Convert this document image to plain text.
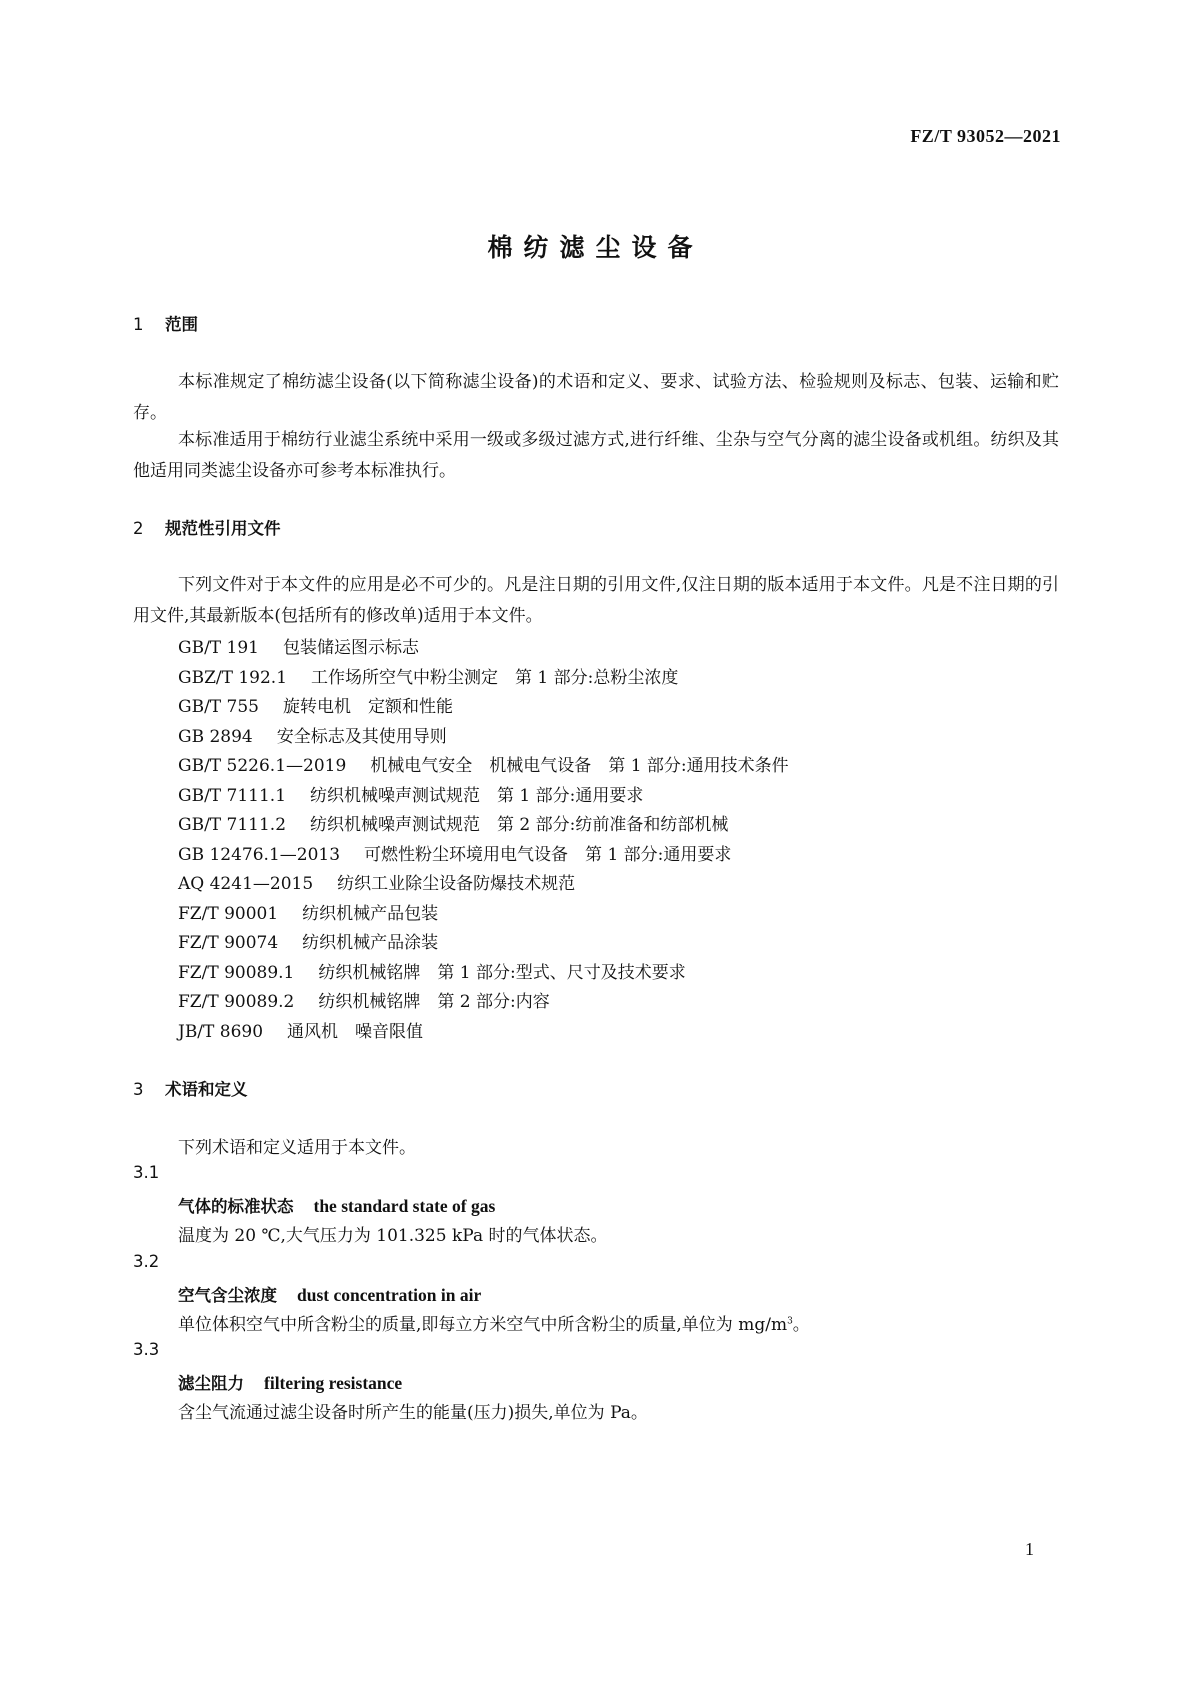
FZ/T 93052—2021
棉纺滤尘设备
1 范围
本标准规定了棉纺滤尘设备(以下简称滤尘设备)的术语和定义、要求、试验方法、检验规则及标志、包装、运输和贮存。
本标准适用于棉纺行业滤尘系统中采用一级或多级过滤方式,进行纤维、尘杂与空气分离的滤尘设备或机组。纺织及其他适用同类滤尘设备亦可参考本标准执行。
2 规范性引用文件
下列文件对于本文件的应用是必不可少的。凡是注日期的引用文件,仅注日期的版本适用于本文件。凡是不注日期的引用文件,其最新版本(包括所有的修改单)适用于本文件。
GB/T 191 包装储运图示标志
GBZ/T 192.1 工作场所空气中粉尘测定　第 1 部分:总粉尘浓度
GB/T 755 旋转电机　定额和性能
GB 2894 安全标志及其使用导则
GB/T 5226.1—2019 机械电气安全　机械电气设备　第 1 部分:通用技术条件
GB/T 7111.1 纺织机械噪声测试规范　第 1 部分:通用要求
GB/T 7111.2 纺织机械噪声测试规范　第 2 部分:纺前准备和纺部机械
GB 12476.1—2013 可燃性粉尘环境用电气设备　第 1 部分:通用要求
AQ 4241—2015 纺织工业除尘设备防爆技术规范
FZ/T 90001 纺织机械产品包装
FZ/T 90074 纺织机械产品涂装
FZ/T 90089.1 纺织机械铭牌　第 1 部分:型式、尺寸及技术要求
FZ/T 90089.2 纺织机械铭牌　第 2 部分:内容
JB/T 8690 通风机　噪音限值
3 术语和定义
下列术语和定义适用于本文件。
3.1
气体的标准状态 the standard state of gas
温度为 20 ℃,大气压力为 101.325 kPa 时的气体状态。
3.2
空气含尘浓度 dust concentration in air
单位体积空气中所含粉尘的质量,即每立方米空气中所含粉尘的质量,单位为 $mg/m^3$。
3.3
滤尘阻力 filtering resistance
含尘气流通过滤尘设备时所产生的能量(压力)损失,单位为 Pa。
1
